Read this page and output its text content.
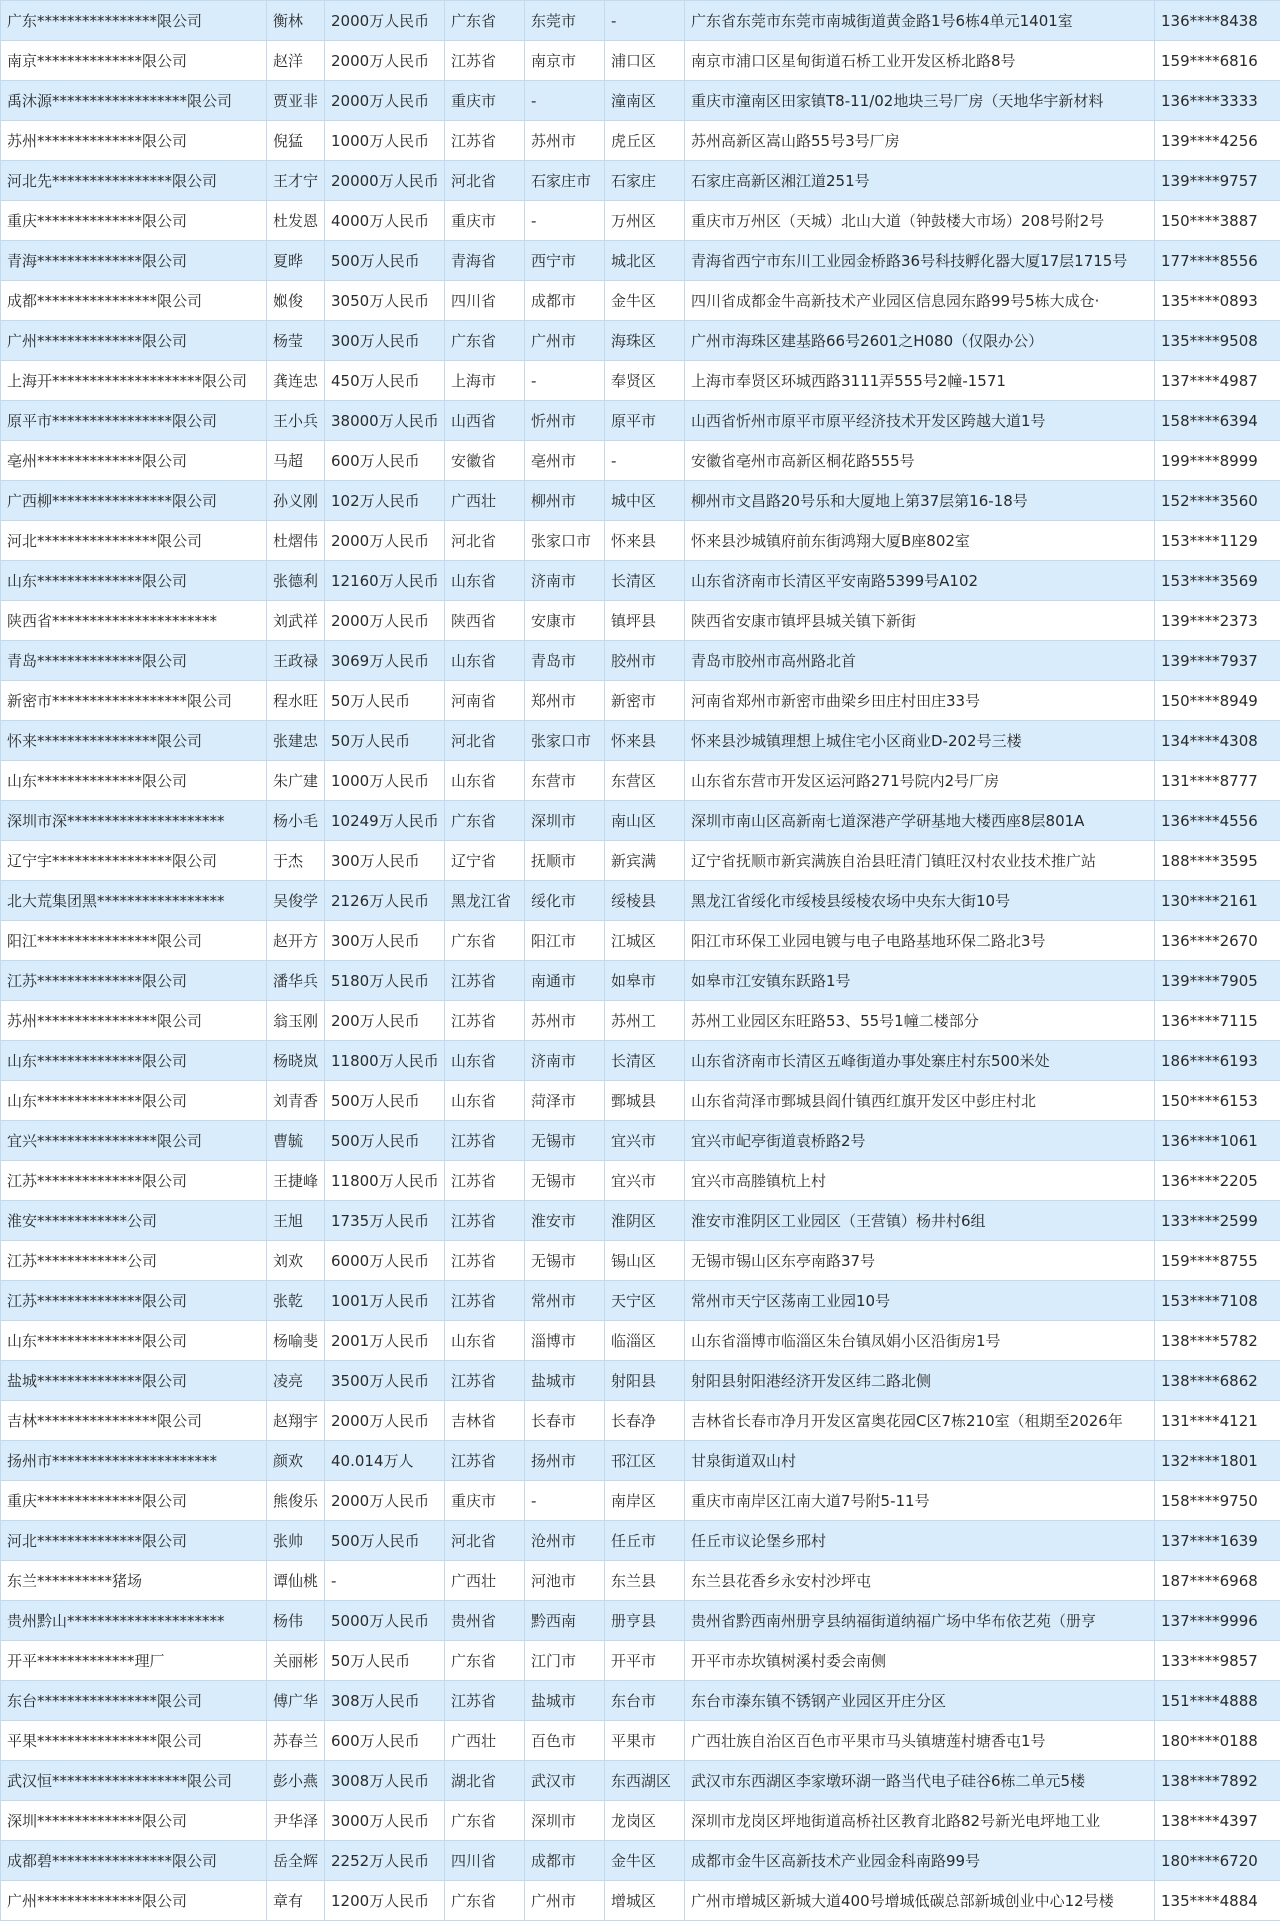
广东****************限公司	衡林	2000万人民币	广东省	东莞市	-	广东省东莞市东莞市南城街道黄金路1号6栋4单元1401室	136****8438
南京**************限公司	赵洋	2000万人民币	江苏省	南京市	浦口区	南京市浦口区星甸街道石桥工业开发区桥北路8号	159****6816
禹沐源******************限公司	贾亚非	2000万人民币	重庆市	-	潼南区	重庆市潼南区田家镇T8-11/02地块三号厂房（天地华宇新材料	136****3333
苏州**************限公司	倪猛	1000万人民币	江苏省	苏州市	虎丘区	苏州高新区嵩山路55号3号厂房	139****4256
河北先****************限公司	王才宁	20000万人民币	河北省	石家庄市	石家庄	石家庄高新区湘江道251号	139****9757
重庆**************限公司	杜发恩	4000万人民币	重庆市	-	万州区	重庆市万州区（天城）北山大道（钟鼓楼大市场）208号附2号	150****3887
青海**************限公司	夏晔	500万人民币	青海省	西宁市	城北区	青海省西宁市东川工业园金桥路36号科技孵化器大厦17层1715号	177****8556
成都****************限公司	娰俊	3050万人民币	四川省	成都市	金牛区	四川省成都金牛高新技术产业园区信息园东路99号5栋大成仓·	135****0893
广州**************限公司	杨莹	300万人民币	广东省	广州市	海珠区	广州市海珠区建基路66号2601之H080（仅限办公）	135****9508
上海开********************限公司	龚连忠	450万人民币	上海市	-	奉贤区	上海市奉贤区环城西路3111弄555号2幢-1571	137****4987
原平市****************限公司	王小兵	38000万人民币	山西省	忻州市	原平市	山西省忻州市原平市原平经济技术开发区跨越大道1号	158****6394
亳州**************限公司	马超	600万人民币	安徽省	亳州市	-	安徽省亳州市高新区桐花路555号	199****8999
广西柳****************限公司	孙义刚	102万人民币	广西壮	柳州市	城中区	柳州市文昌路20号乐和大厦地上第37层第16-18号	152****3560
河北****************限公司	杜熠伟	2000万人民币	河北省	张家口市	怀来县	怀来县沙城镇府前东街鸿翔大厦B座802室	153****1129
山东**************限公司	张德利	12160万人民币	山东省	济南市	长清区	山东省济南市长清区平安南路5399号A102	153****3569
陕西省**********************	刘武祥	2000万人民币	陕西省	安康市	镇坪县	陕西省安康市镇坪县城关镇下新街	139****2373
青岛**************限公司	王政禄	3069万人民币	山东省	青岛市	胶州市	青岛市胶州市高州路北首	139****7937
新密市******************限公司	程水旺	50万人民币	河南省	郑州市	新密市	河南省郑州市新密市曲梁乡田庄村田庄33号	150****8949
怀来****************限公司	张建忠	50万人民币	河北省	张家口市	怀来县	怀来县沙城镇理想上城住宅小区商业D-202号三楼	134****4308
山东**************限公司	朱广建	1000万人民币	山东省	东营市	东营区	山东省东营市开发区运河路271号院内2号厂房	131****8777
深圳市深*********************	杨小毛	10249万人民币	广东省	深圳市	南山区	深圳市南山区高新南七道深港产学研基地大楼西座8层801A	136****4556
辽宁宇****************限公司	于杰	300万人民币	辽宁省	抚顺市	新宾满	辽宁省抚顺市新宾满族自治县旺清门镇旺汉村农业技术推广站	188****3595
北大荒集团黑*****************	吴俊学	2126万人民币	黑龙江省	绥化市	绥棱县	黑龙江省绥化市绥棱县绥棱农场中央东大街10号	130****2161
阳江****************限公司	赵开方	300万人民币	广东省	阳江市	江城区	阳江市环保工业园电镀与电子电路基地环保二路北3号	136****2670
江苏**************限公司	潘华兵	5180万人民币	江苏省	南通市	如皋市	如皋市江安镇东跃路1号	139****7905
苏州****************限公司	翁玉刚	200万人民币	江苏省	苏州市	苏州工	苏州工业园区东旺路53、55号1幢二楼部分	136****7115
山东**************限公司	杨晓岚	11800万人民币	山东省	济南市	长清区	山东省济南市长清区五峰街道办事处寨庄村东500米处	186****6193
山东**************限公司	刘青香	500万人民币	山东省	菏泽市	鄄城县	山东省菏泽市鄄城县阎什镇西红旗开发区中彭庄村北	150****6153
宜兴****************限公司	曹毓	500万人民币	江苏省	无锡市	宜兴市	宜兴市屺亭街道袁桥路2号	136****1061
江苏**************限公司	王捷峰	11800万人民币	江苏省	无锡市	宜兴市	宜兴市高塍镇杭上村	136****2205
淮安************公司	王旭	1735万人民币	江苏省	淮安市	淮阴区	淮安市淮阴区工业园区（王营镇）杨井村6组	133****2599
江苏************公司	刘欢	6000万人民币	江苏省	无锡市	锡山区	无锡市锡山区东亭南路37号	159****8755
江苏**************限公司	张乾	1001万人民币	江苏省	常州市	天宁区	常州市天宁区荡南工业园10号	153****7108
山东**************限公司	杨喻斐	2001万人民币	山东省	淄博市	临淄区	山东省淄博市临淄区朱台镇凤娟小区沿街房1号	138****5782
盐城**************限公司	凌亮	3500万人民币	江苏省	盐城市	射阳县	射阳县射阳港经济开发区纬二路北侧	138****6862
吉林****************限公司	赵翔宇	2000万人民币	吉林省	长春市	长春净	吉林省长春市净月开发区富奥花园C区7栋210室（租期至2026年	131****4121
扬州市**********************	颜欢	40.014万人	江苏省	扬州市	邗江区	甘泉街道双山村	132****1801
重庆**************限公司	熊俊乐	2000万人民币	重庆市	-	南岸区	重庆市南岸区江南大道7号附5-11号	158****9750
河北**************限公司	张帅	500万人民币	河北省	沧州市	任丘市	任丘市议论堡乡邢村	137****1639
东兰**********猪场	谭仙桃	-	广西壮	河池市	东兰县	东兰县花香乡永安村沙坪屯	187****6968
贵州黔山*********************	杨伟	5000万人民币	贵州省	黔西南	册亨县	贵州省黔西南州册亨县纳福街道纳福广场中华布依艺苑（册亨	137****9996
开平*************理厂	关丽彬	50万人民币	广东省	江门市	开平市	开平市赤坎镇树溪村委会南侧	133****9857
东台****************限公司	傅广华	308万人民币	江苏省	盐城市	东台市	东台市溱东镇不锈钢产业园区开庄分区	151****4888
平果****************限公司	苏春兰	600万人民币	广西壮	百色市	平果市	广西壮族自治区百色市平果市马头镇塘莲村塘香屯1号	180****0188
武汉恒******************限公司	彭小燕	3008万人民币	湖北省	武汉市	东西湖区	武汉市东西湖区李家墩环湖一路当代电子硅谷6栋二单元5楼	138****7892
深圳**************限公司	尹华泽	3000万人民币	广东省	深圳市	龙岗区	深圳市龙岗区坪地街道高桥社区教育北路82号新光电坪地工业	138****4397
成都碧****************限公司	岳全辉	2252万人民币	四川省	成都市	金牛区	成都市金牛区高新技术产业园金科南路99号	180****6720
广州**************限公司	章有	1200万人民币	广东省	广州市	增城区	广州市增城区新城大道400号增城低碳总部新城创业中心12号楼	135****4884
